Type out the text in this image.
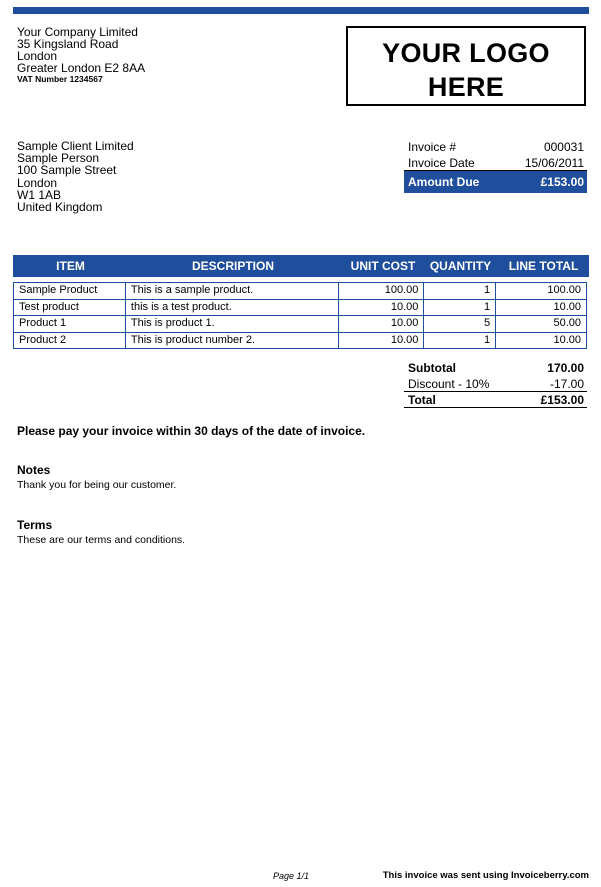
Your Company Limited
35 Kingsland Road
London
Greater London E2 8AA
VAT Number 1234567
YOUR LOGO
HERE
Sample Client Limited
Sample Person
100 Sample Street
London
W1 1AB
United Kingdom
Invoice #	000031
Invoice Date	15/06/2011
Amount Due	£153.00
ITEM	DESCRIPTION	UNIT COST	QUANTITY	LINE TOTAL
Sample Product	This is a sample product.	100.00	1	100.00
Test product	this is a test product.	10.00	1	10.00
Product 1	This is product 1.	10.00	5	50.00
Product 2	This is product number 2.	10.00	1	10.00
Subtotal	170.00
Discount - 10%	-17.00
Total	£153.00
Please pay your invoice within 30 days of the date of invoice.
Notes
Thank you for being our customer.
Terms
These are our terms and conditions.
Page 1/1	This invoice was sent using Invoiceberry.com
